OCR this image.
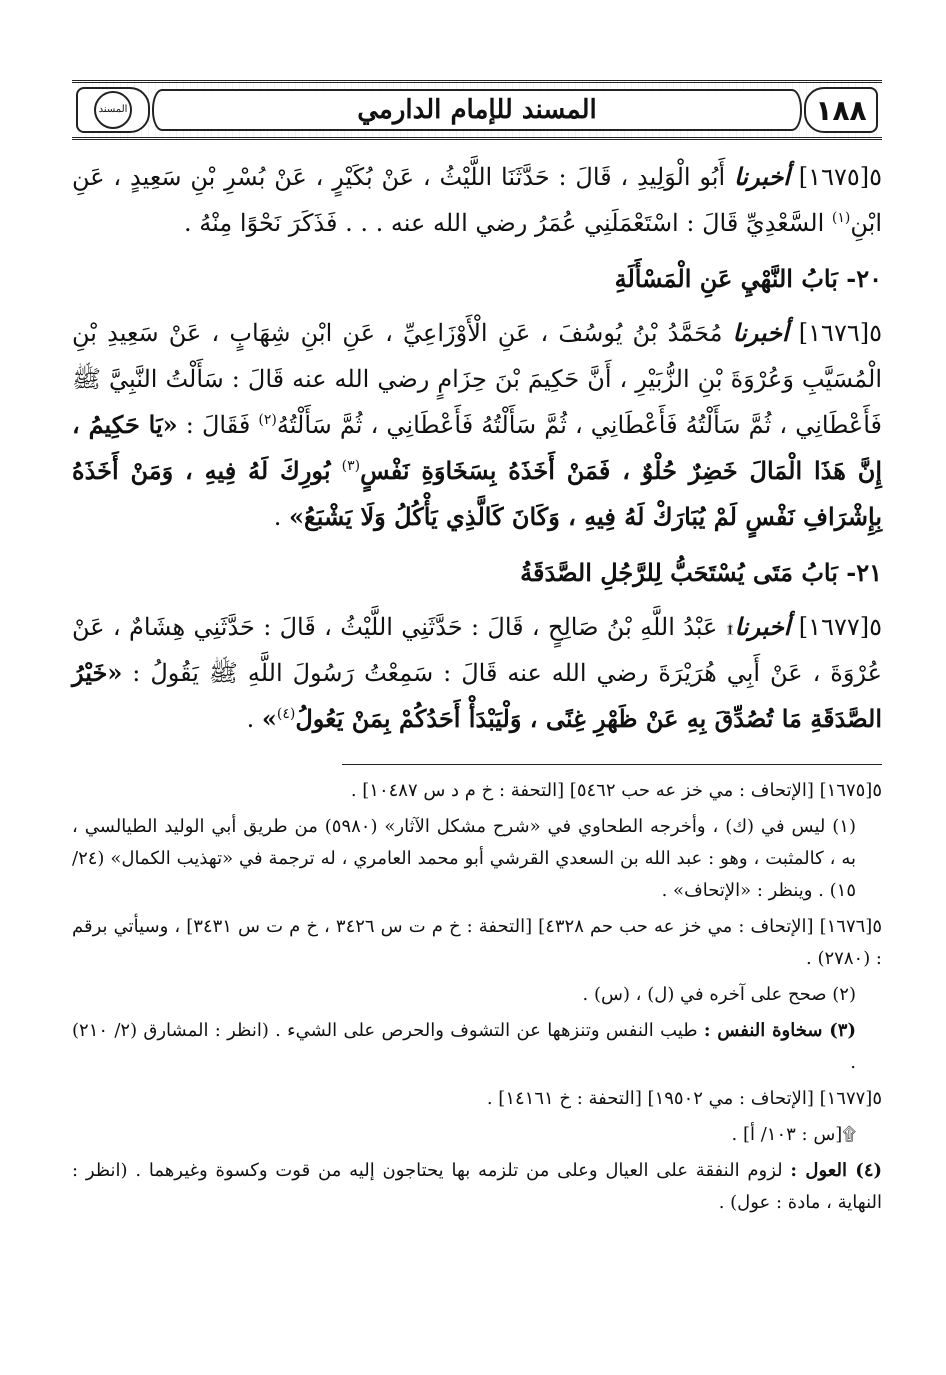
١٨٨
المسند للإمام الدارمي
المسند

٥[١٦٧٥] أخبرنا أَبُو الْوَلِيدِ ، قَالَ : حَدَّثَنَا اللَّيْثُ ، عَنْ بُكَيْرٍ ، عَنْ بُسْرِ بْنِ سَعِيدٍ ، عَنِ ابْنِ$^{(١)}$ السَّعْدِيِّ قَالَ : اسْتَعْمَلَنِي عُمَرُ رضي الله عنه . . . فَذَكَرَ نَحْوًا مِنْهُ .

٢٠- بَابُ النَّهْيِ عَنِ الْمَسْأَلَةِ

٥[١٦٧٦] أخبرنا مُحَمَّدُ بْنُ يُوسُفَ ، عَنِ الْأَوْزَاعِيِّ ، عَنِ ابْنِ شِهَابٍ ، عَنْ سَعِيدِ بْنِ الْمُسَيَّبِ وَعُرْوَةَ بْنِ الزُّبَيْرِ ، أَنَّ حَكِيمَ بْنَ حِزَامٍ رضي الله عنه قَالَ : سَأَلْتُ النَّبِيَّ ﷺ فَأَعْطَانِي ، ثُمَّ سَأَلْتُهُ فَأَعْطَانِي ، ثُمَّ سَأَلْتُهُ فَأَعْطَانِي ، ثُمَّ سَأَلْتُهُ$^{(٢)}$ فَقَالَ : «يَا حَكِيمُ ، إِنَّ هَذَا الْمَالَ خَضِرٌ حُلْوٌ ، فَمَنْ أَخَذَهُ بِسَخَاوَةِ نَفْسٍ$^{(٣)}$ بُورِكَ لَهُ فِيهِ ، وَمَنْ أَخَذَهُ بِإِشْرَافِ نَفْسٍ لَمْ يُبَارَكْ لَهُ فِيهِ ، وَكَانَ كَالَّذِي يَأْكُلُ وَلَا يَشْبَعُ» .

٢١- بَابُ مَتَى يُسْتَحَبُّ لِلرَّجُلِ الصَّدَقَةُ

٥[١٦٧٧] أخبرنا۩ عَبْدُ اللَّهِ بْنُ صَالِحٍ ، قَالَ : حَدَّثَنِي اللَّيْثُ ، قَالَ : حَدَّثَنِي هِشَامٌ ، عَنْ عُرْوَةَ ، عَنْ أَبِي هُرَيْرَةَ رضي الله عنه قَالَ : سَمِعْتُ رَسُولَ اللَّهِ ﷺ يَقُولُ : «خَيْرُ الصَّدَقَةِ مَا تُصُدِّقَ بِهِ عَنْ ظَهْرِ غِنًى ، وَلْيَبْدَأْ أَحَدُكُمْ بِمَنْ يَعُولُ$^{(٤)}$» .

٥[١٦٧٥] [الإتحاف : مي خز عه حب ٥٤٦٢] [التحفة : خ م د س ١٠٤٨٧] .

(١) ليس في (ك) ، وأخرجه الطحاوي في «شرح مشكل الآثار» (٥٩٨٠) من طريق أبي الوليد الطيالسي ، به ، كالمثبت ، وهو : عبد الله بن السعدي القرشي أبو محمد العامري ، له ترجمة في «تهذيب الكمال» (٢٤/ ١٥) . وينظر : «الإتحاف» .

٥[١٦٧٦] [الإتحاف : مي خز عه حب حم ٤٣٢٨] [التحفة : خ م ت س ٣٤٢٦ ، خ م ت س ٣٤٣١] ، وسيأتي برقم : (٢٧٨٠) .

(٢) صحح على آخره في (ل) ، (س) .

(٣) سخاوة النفس : طيب النفس وتنزهها عن التشوف والحرص على الشيء . (انظر : المشارق (٢/ ٢١٠) .

٥[١٦٧٧] [الإتحاف : مي ١٩٥٠٢] [التحفة : خ ١٤١٦١] .

۩[س : ١٠٣/ أ] .

(٤) العول : لزوم النفقة على العيال وعلى من تلزمه بها يحتاجون إليه من قوت وكسوة وغيرهما . (انظر : النهاية ، مادة : عول) .
